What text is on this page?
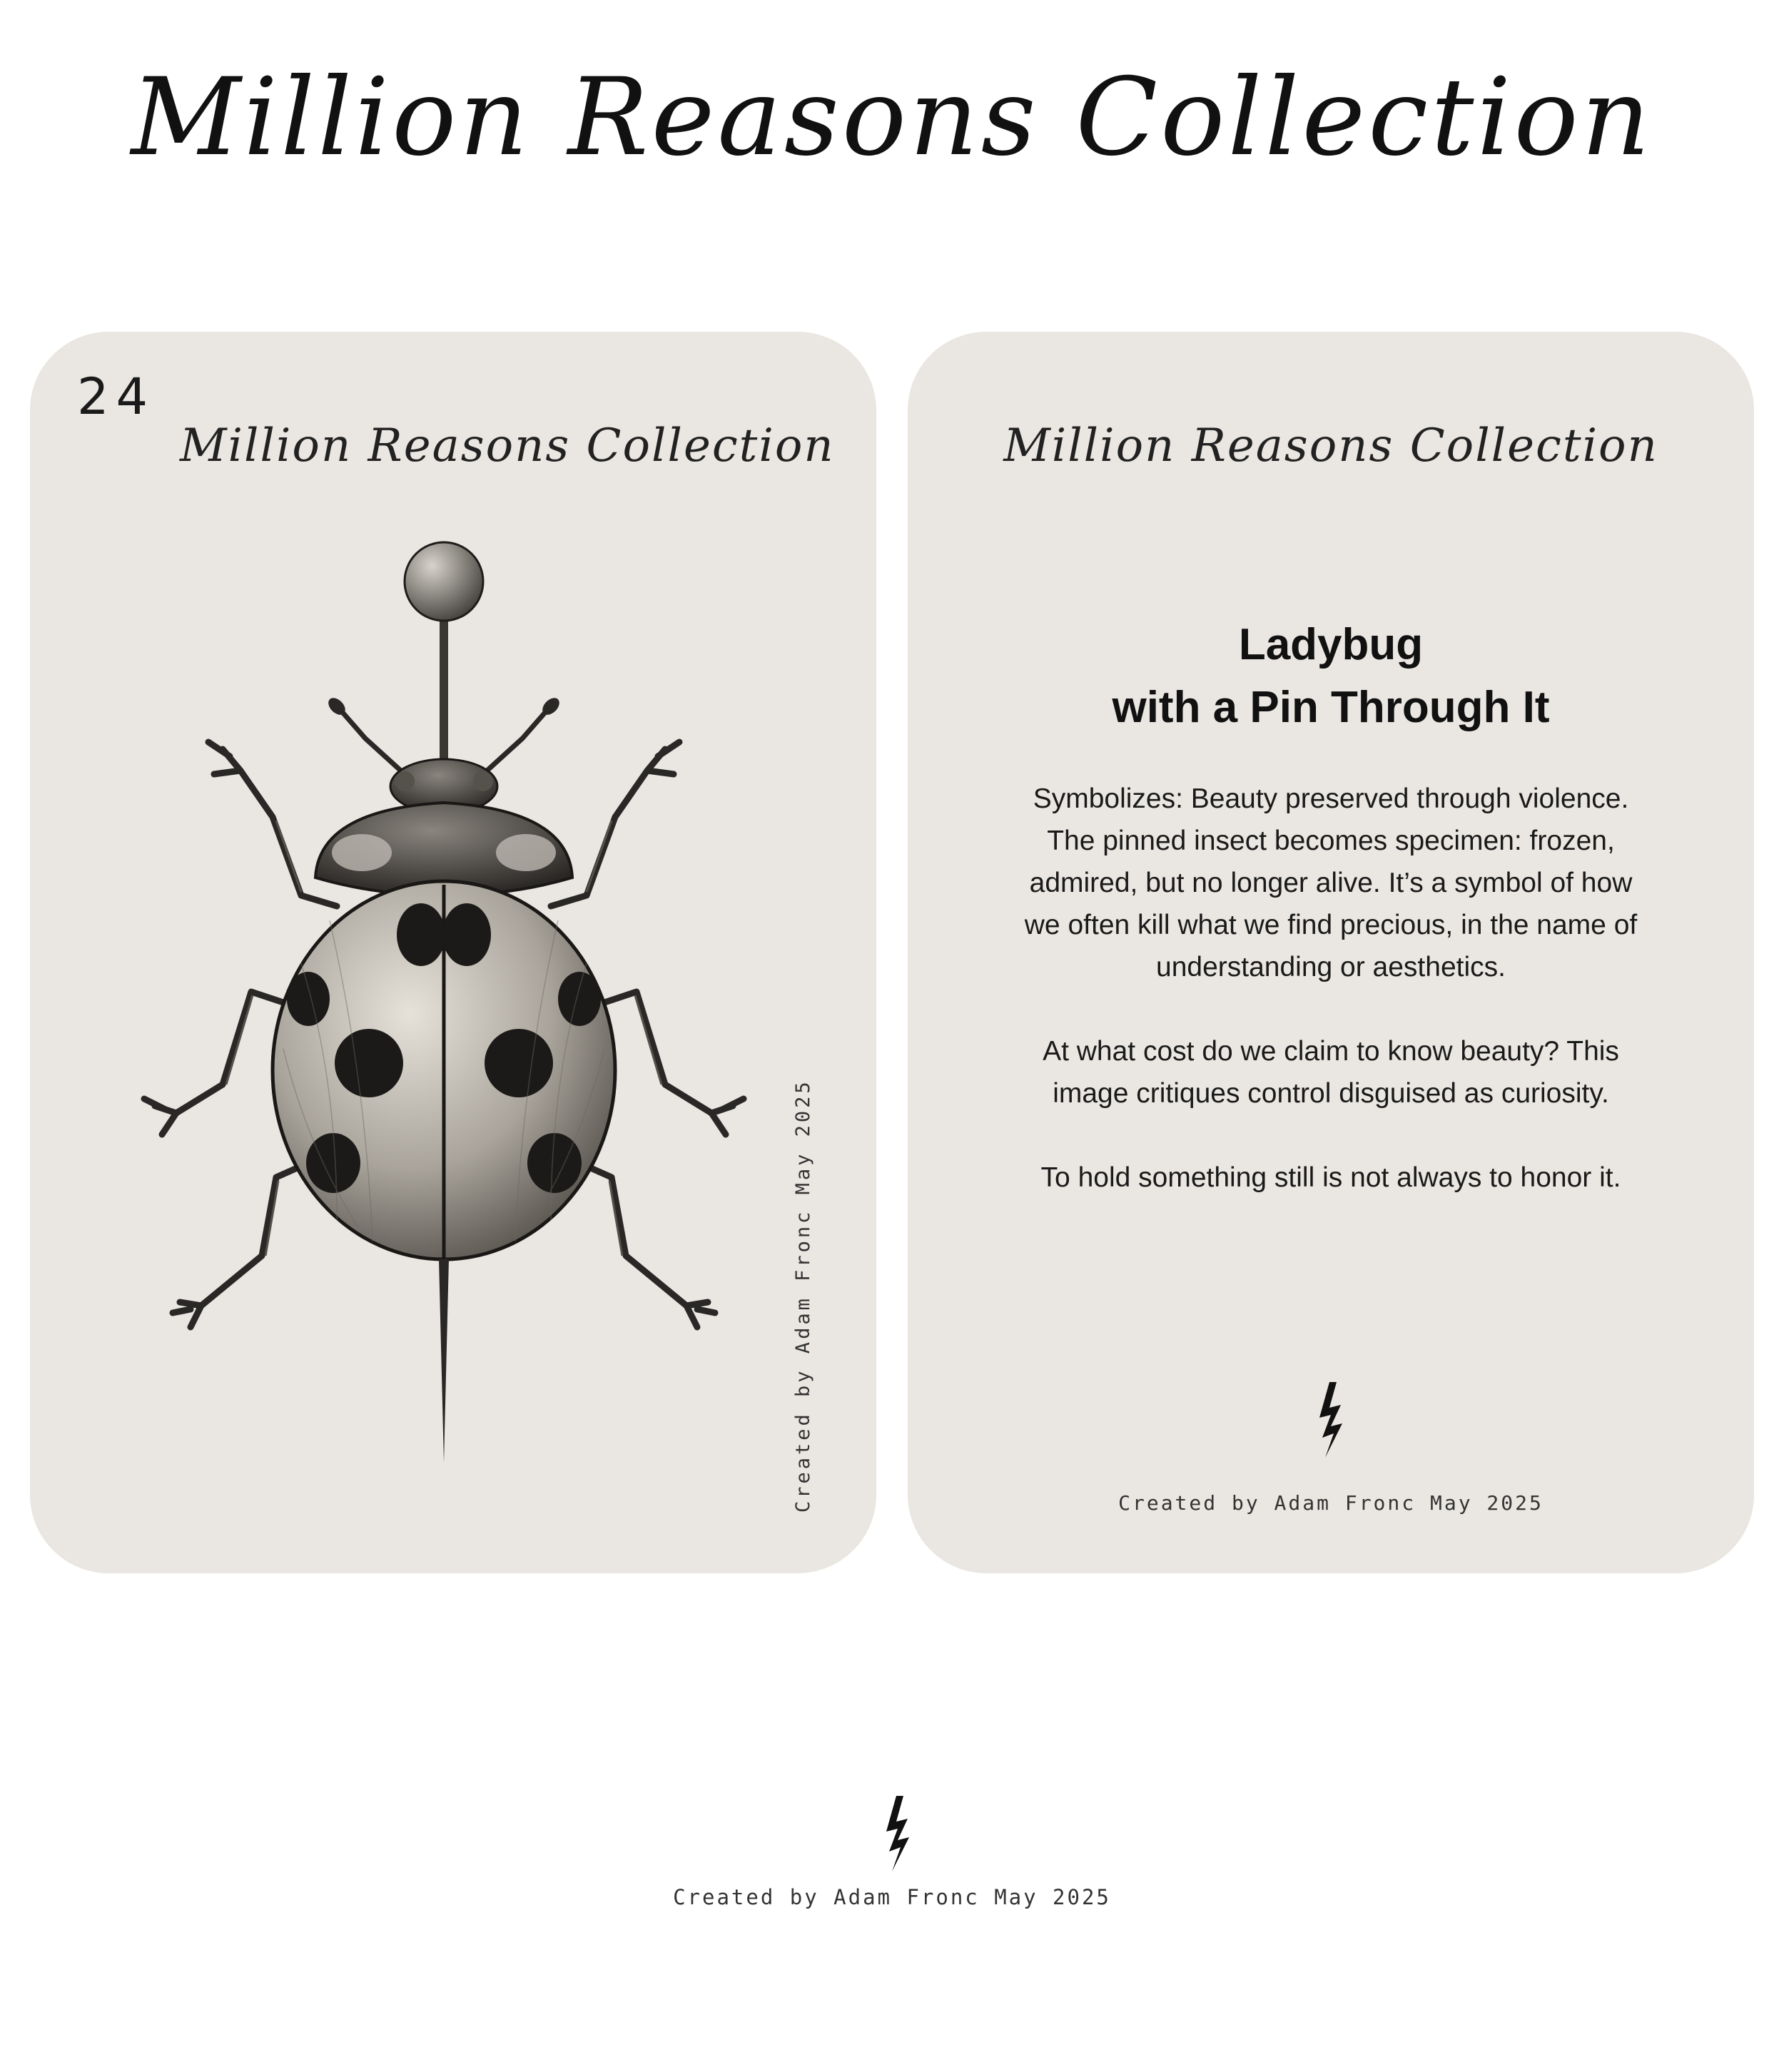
Million Reasons Collection
24
Million Reasons Collection
Created by Adam Fronc May 2025
Million Reasons Collection
Ladybug
with a Pin Through It

Symbolizes: Beauty preserved through violence. The pinned insect becomes specimen: frozen, admired, but no longer alive. It’s a symbol of how we often kill what we find precious, in the name of understanding or aesthetics.

At what cost do we claim to know beauty? This image critiques control disguised as curiosity.

To hold something still is not always to honor it.

Created by Adam Fronc May 2025
Created by Adam Fronc May 2025
